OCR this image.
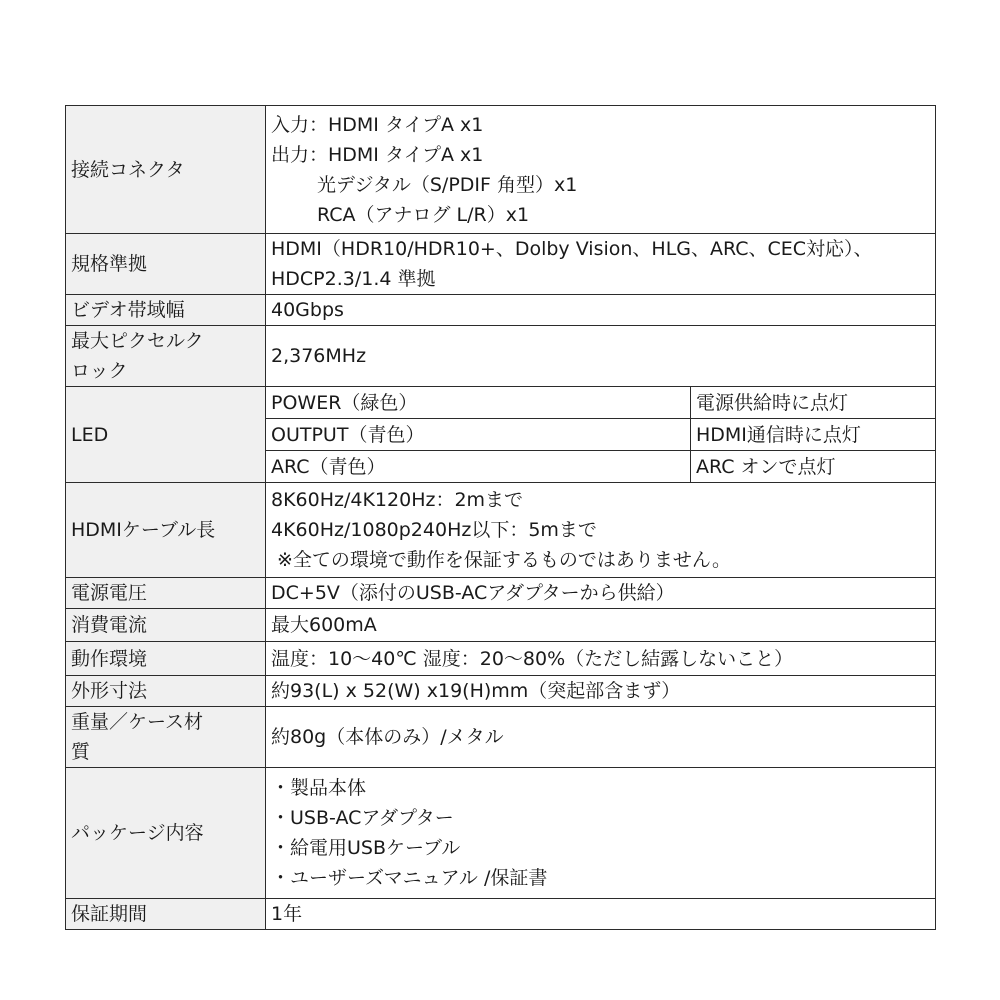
接続コネクタ	入力：HDMI タイプA x1
出力：HDMI タイプA x1
光デジタル（S/PDIF 角型）x1
RCA（アナログ L/R）x1	

規格準拠	HDMI（HDR10/HDR10+、Dolby Vision、HLG、ARC、CEC対応）、
HDCP2.3/1.4 準拠	

ビデオ帯域幅	40Gbps	

最大ピクセルク
ロック	2,376MHz	
LED	POWER（緑色）	電源供給時に点灯
	OUTPUT（青色）	HDMI通信時に点灯
	ARC（青色）	ARC オンで点灯
HDMIケーブル長	8K60Hz/4K120Hz：2mまで
4K60Hz/1080p240Hz以下：5mまで
※全ての環境で動作を保証するものではありません。	

電源電圧	DC+5V（添付のUSB-ACアダプターから供給）	
消費電流	最大600mA	
動作環境	温度：10～40℃ 湿度：20～80%（ただし結露しないこと）	
外形寸法	約93(L) x 52(W) x19(H)mm（突起部含まず）	

重量／ケース材
質	約80g（本体のみ）/メタル	
パッケージ内容	・製品本体
・USB-ACアダプター
・給電用USBケーブル
・ユーザーズマニュアル /保証書	

保証期間	1年	
